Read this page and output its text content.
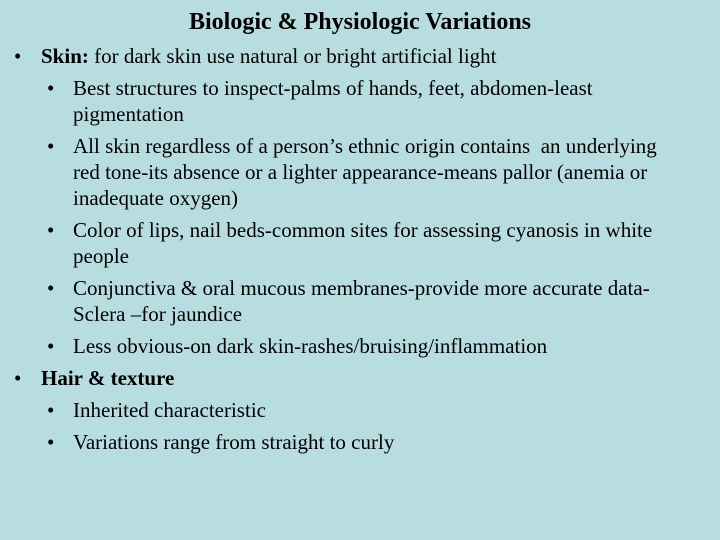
Biologic & Physiologic Variations
• Skin: for dark skin use natural or bright artificial light
• Best structures to inspect-palms of hands, feet, abdomen-least pigmentation
• All skin regardless of a person’s ethnic origin contains  an underlying red tone-its absence or a lighter appearance-means pallor (anemia or inadequate oxygen)
• Color of lips, nail beds-common sites for assessing cyanosis in white people
• Conjunctiva & oral mucous membranes-provide more accurate data-Sclera –for jaundice
• Less obvious-on dark skin-rashes/bruising/inflammation
• Hair & texture
• Inherited characteristic
• Variations range from straight to curly
